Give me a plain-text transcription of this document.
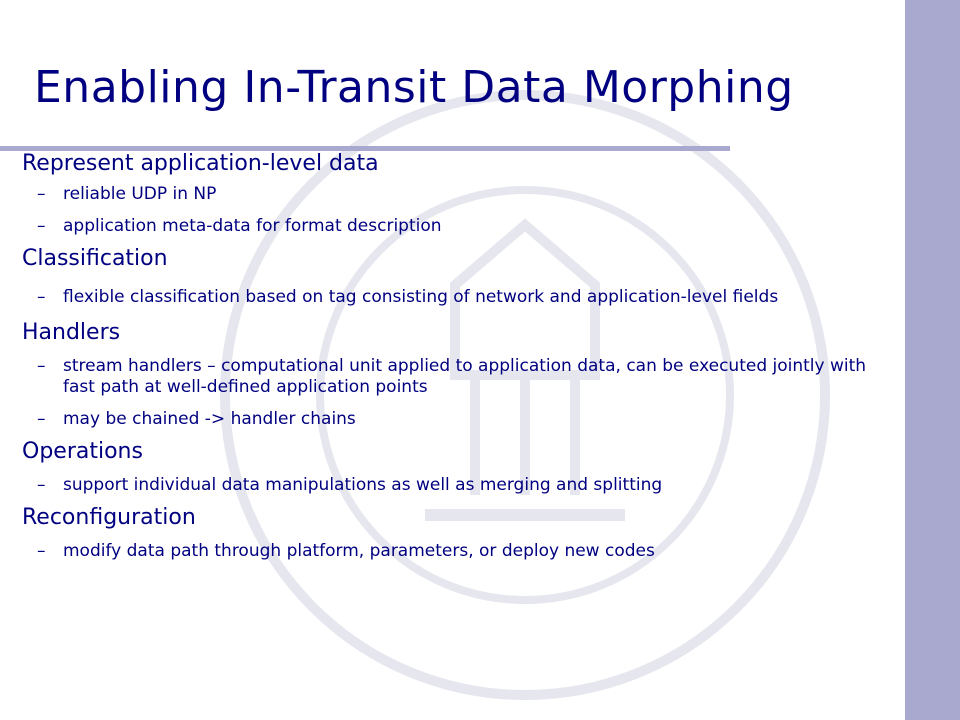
Enabling In-Transit Data Morphing

Represent application-level data

– reliable UDP in NP

– application meta-data for format description

Classification

– flexible classification based on tag consisting of network and application-level fields

Handlers

– stream handlers – computational unit applied to application data, can be executed jointly with fast path at well-defined application points

– may be chained -> handler chains

Operations

– support individual data manipulations as well as merging and splitting

Reconfiguration

– modify data path through platform, parameters, or deploy new codes
